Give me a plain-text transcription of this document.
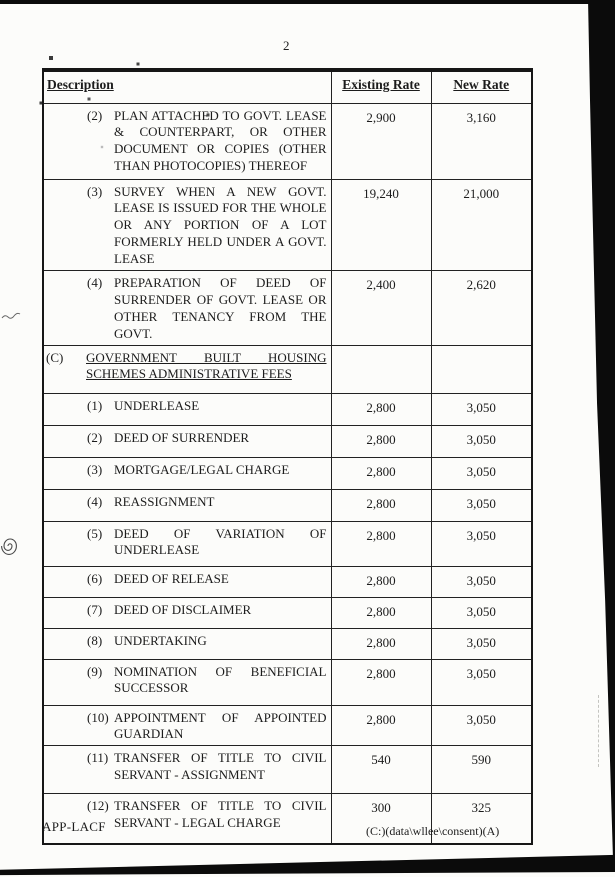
2
Description	Existing Rate	New Rate

(2) PLAN ATTACHED TO GOVT. LEASE & COUNTERPART, OR OTHER DOCUMENT OR COPIES (OTHER THAN PHOTOCOPIES) THEREOF	2,900	3,160

(3) SURVEY WHEN A NEW GOVT. LEASE IS ISSUED FOR THE WHOLE OR ANY PORTION OF A LOT FORMERLY HELD UNDER A GOVT. LEASE	19,240	21,000

(4) PREPARATION OF DEED OF SURRENDER OF GOVT. LEASE OR OTHER TENANCY FROM THE GOVT.	2,400	2,620

(C) GOVERNMENT BUILT HOUSING SCHEMES ADMINISTRATIVE FEES		

(1) UNDERLEASE	2,800	3,050

(2) DEED OF SURRENDER	2,800	3,050

(3) MORTGAGE/LEGAL CHARGE	2,800	3,050

(4) REASSIGNMENT	2,800	3,050

(5) DEED OF VARIATION OF UNDERLEASE	2,800	3,050

(6) DEED OF RELEASE	2,800	3,050

(7) DEED OF DISCLAIMER	2,800	3,050

(8) UNDERTAKING	2,800	3,050

(9) NOMINATION OF BENEFICIAL SUCCESSOR	2,800	3,050

(10) APPOINTMENT OF APPOINTED GUARDIAN	2,800	3,050

(11) TRANSFER OF TITLE TO CIVIL SERVANT - ASSIGNMENT	540	590

(12) TRANSFER OF TITLE TO CIVIL SERVANT - LEGAL CHARGE	300	325
APP-LACF	(C:)(data\wllee\consent)(A)
